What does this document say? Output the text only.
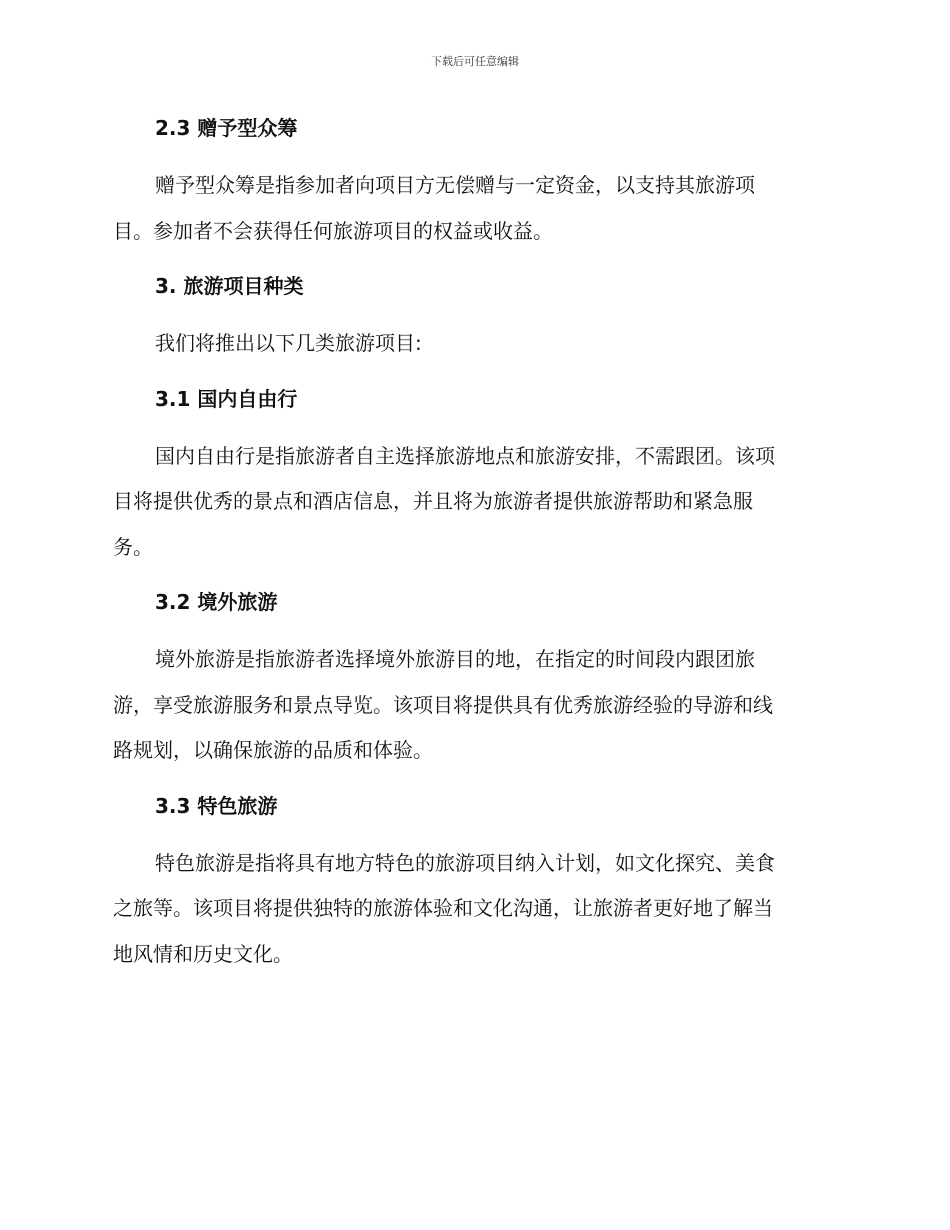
下载后可任意编辑
2.3 赠予型众筹
赠予型众筹是指参加者向项目方无偿赠与一定资金，以支持其旅游项
目。参加者不会获得任何旅游项目的权益或收益。
3. 旅游项目种类
我们将推出以下几类旅游项目:
3.1 国内自由行
国内自由行是指旅游者自主选择旅游地点和旅游安排，不需跟团。该项
目将提供优秀的景点和酒店信息，并且将为旅游者提供旅游帮助和紧急服
务。
3.2 境外旅游
境外旅游是指旅游者选择境外旅游目的地，在指定的时间段内跟团旅
游，享受旅游服务和景点导览。该项目将提供具有优秀旅游经验的导游和线
路规划，以确保旅游的品质和体验。
3.3 特色旅游
特色旅游是指将具有地方特色的旅游项目纳入计划，如文化探究、美食
之旅等。该项目将提供独特的旅游体验和文化沟通，让旅游者更好地了解当
地风情和历史文化。
